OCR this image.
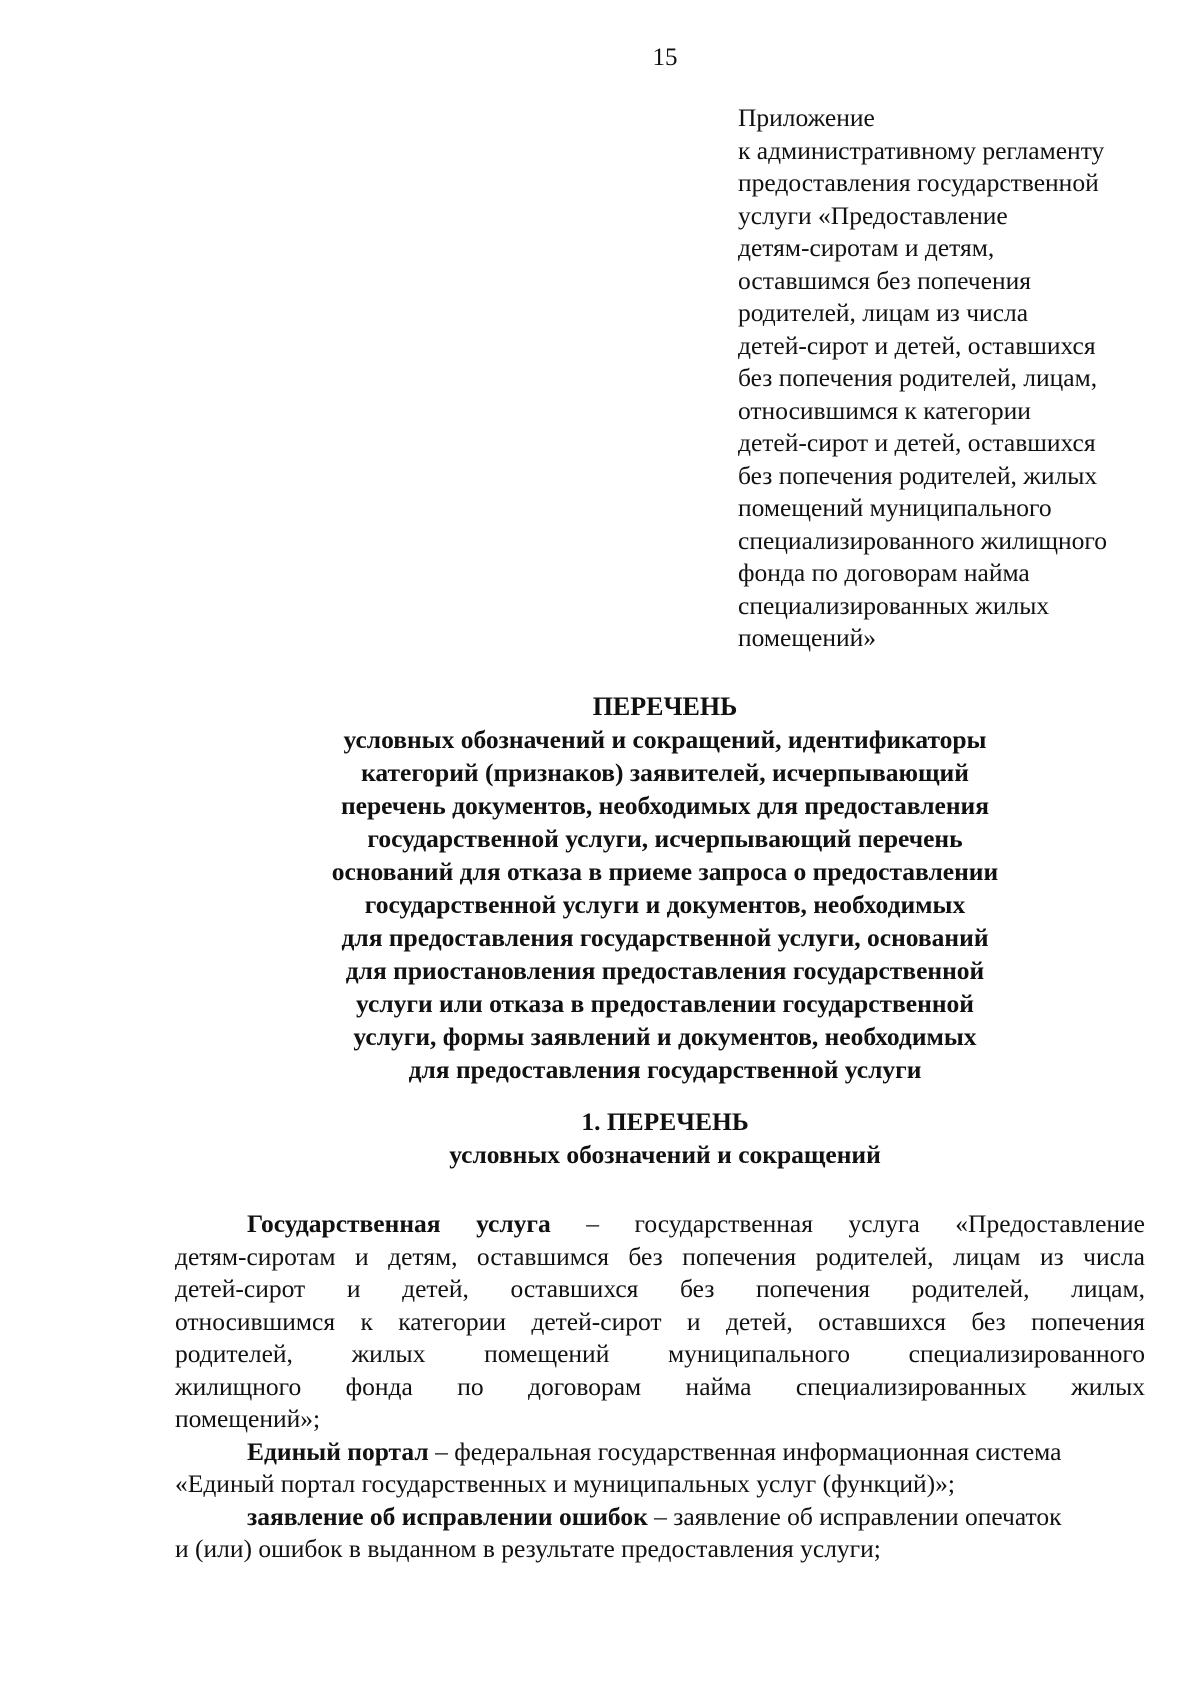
15
Приложение
к административному регламенту
предоставления государственной
услуги «Предоставление
детям-сиротам и детям,
оставшимся без попечения
родителей, лицам из числа
детей-сирот и детей, оставшихся
без попечения родителей, лицам,
относившимся к категории
детей-сирот и детей, оставшихся
без попечения родителей, жилых
помещений муниципального
специализированного жилищного
фонда по договорам найма
специализированных жилых
помещений»
ПЕРЕЧЕНЬ
условных обозначений и сокращений, идентификаторы
категорий (признаков) заявителей, исчерпывающий
перечень документов, необходимых для предоставления
государственной услуги, исчерпывающий перечень
оснований для отказа в приеме запроса о предоставлении
государственной услуги и документов, необходимых
для предоставления государственной услуги, оснований
для приостановления предоставления государственной
услуги или отказа в предоставлении государственной
услуги, формы заявлений и документов, необходимых
для предоставления государственной услуги
1. ПЕРЕЧЕНЬ
условных обозначений и сокращений

Государственная услуга – государственная услуга «Предоставление
детям-сиротам и детям, оставшимся без попечения родителей, лицам из числа
детей-сирот и детей, оставшихся без попечения родителей, лицам,
относившимся к категории детей-сирот и детей, оставшихся без попечения
родителей, жилых помещений муниципального специализированного
жилищного фонда по договорам найма специализированных жилых
помещений»;

Единый портал – федеральная государственная информационная система
«Единый портал государственных и муниципальных услуг (функций)»;

заявление об исправлении ошибок – заявление об исправлении опечаток
и (или) ошибок в выданном в результате предоставления услуги;
